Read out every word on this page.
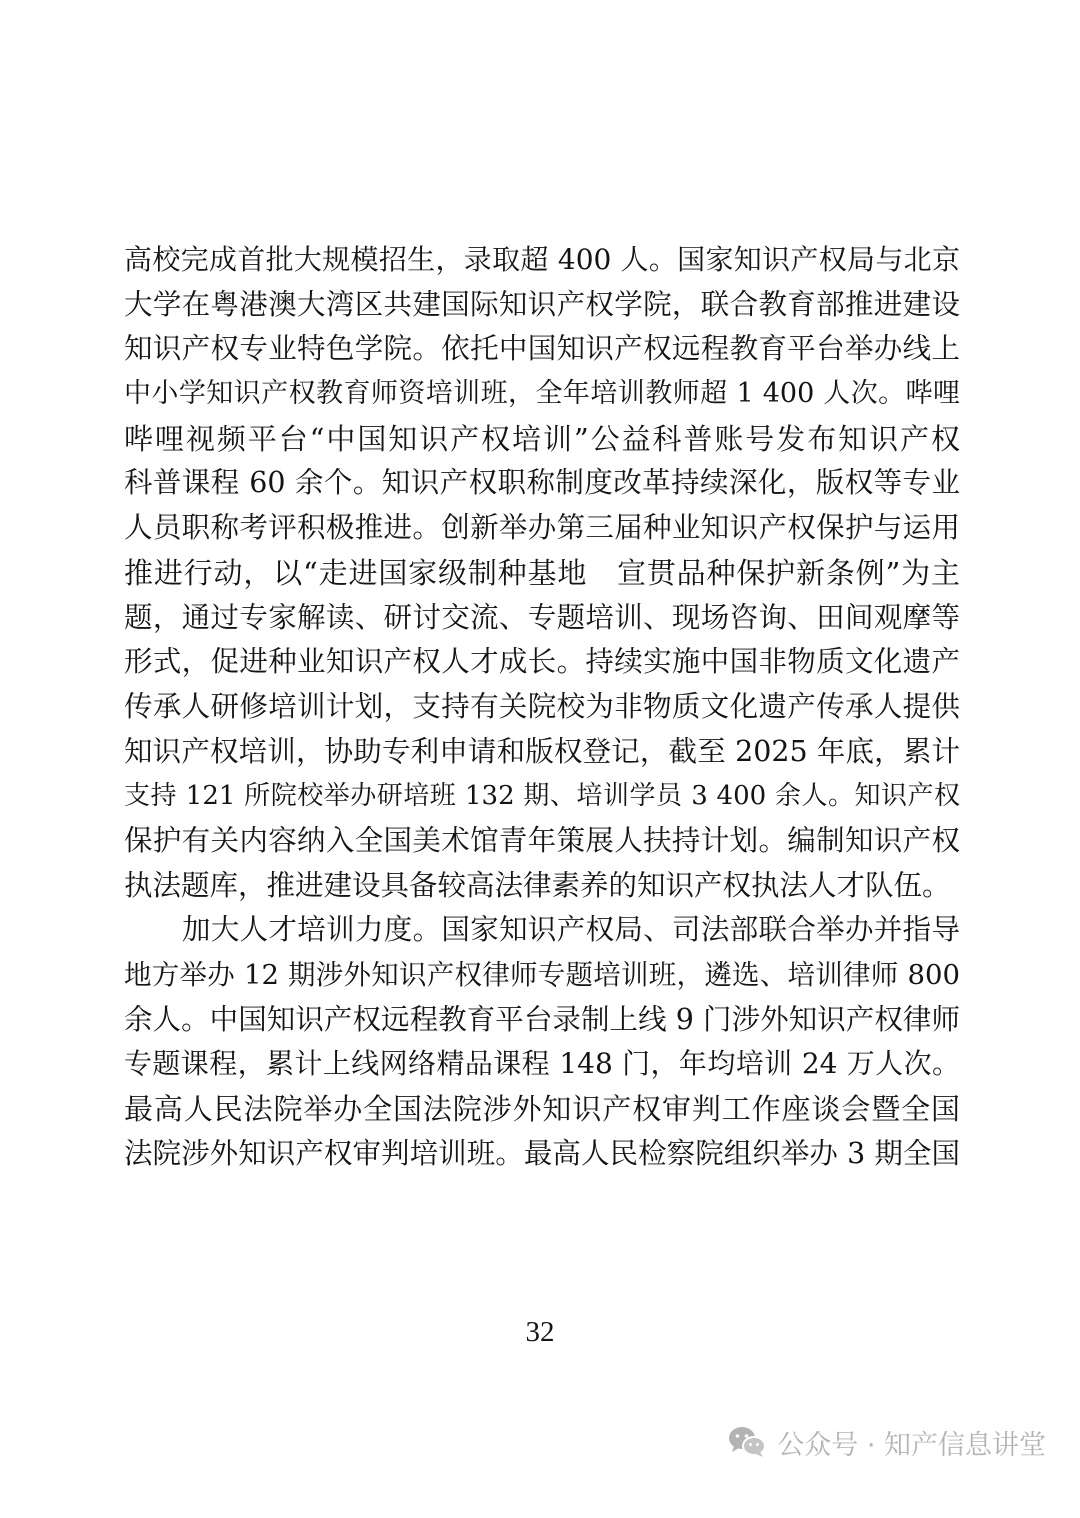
高校完成首批大规模招生，录取超 400 人。国家知识产权局与北京
大学在粤港澳大湾区共建国际知识产权学院，联合教育部推进建设
知识产权专业特色学院。依托中国知识产权远程教育平台举办线上
中小学知识产权教育师资培训班，全年培训教师超 1 400 人次。哔哩
哔哩视频平台“中国知识产权培训”公益科普账号发布知识产权
科普课程 60 余个。知识产权职称制度改革持续深化，版权等专业
人员职称考评积极推进。创新举办第三届种业知识产权保护与运用
推进行动，以“走进国家级制种基地　宣贯品种保护新条例”为主
题，通过专家解读、研讨交流、专题培训、现场咨询、田间观摩等
形式，促进种业知识产权人才成长。持续实施中国非物质文化遗产
传承人研修培训计划，支持有关院校为非物质文化遗产传承人提供
知识产权培训，协助专利申请和版权登记，截至 2025 年底，累计
支持 121 所院校举办研培班 132 期、培训学员 3 400 余人。知识产权
保护有关内容纳入全国美术馆青年策展人扶持计划。编制知识产权
执法题库，推进建设具备较高法律素养的知识产权执法人才队伍。
加大人才培训力度。国家知识产权局、司法部联合举办并指导
地方举办 12 期涉外知识产权律师专题培训班，遴选、培训律师 800
余人。中国知识产权远程教育平台录制上线 9 门涉外知识产权律师
专题课程，累计上线网络精品课程 148 门，年均培训 24 万人次。
最高人民法院举办全国法院涉外知识产权审判工作座谈会暨全国
法院涉外知识产权审判培训班。最高人民检察院组织举办 3 期全国
32
公众号 · 知产信息讲堂
